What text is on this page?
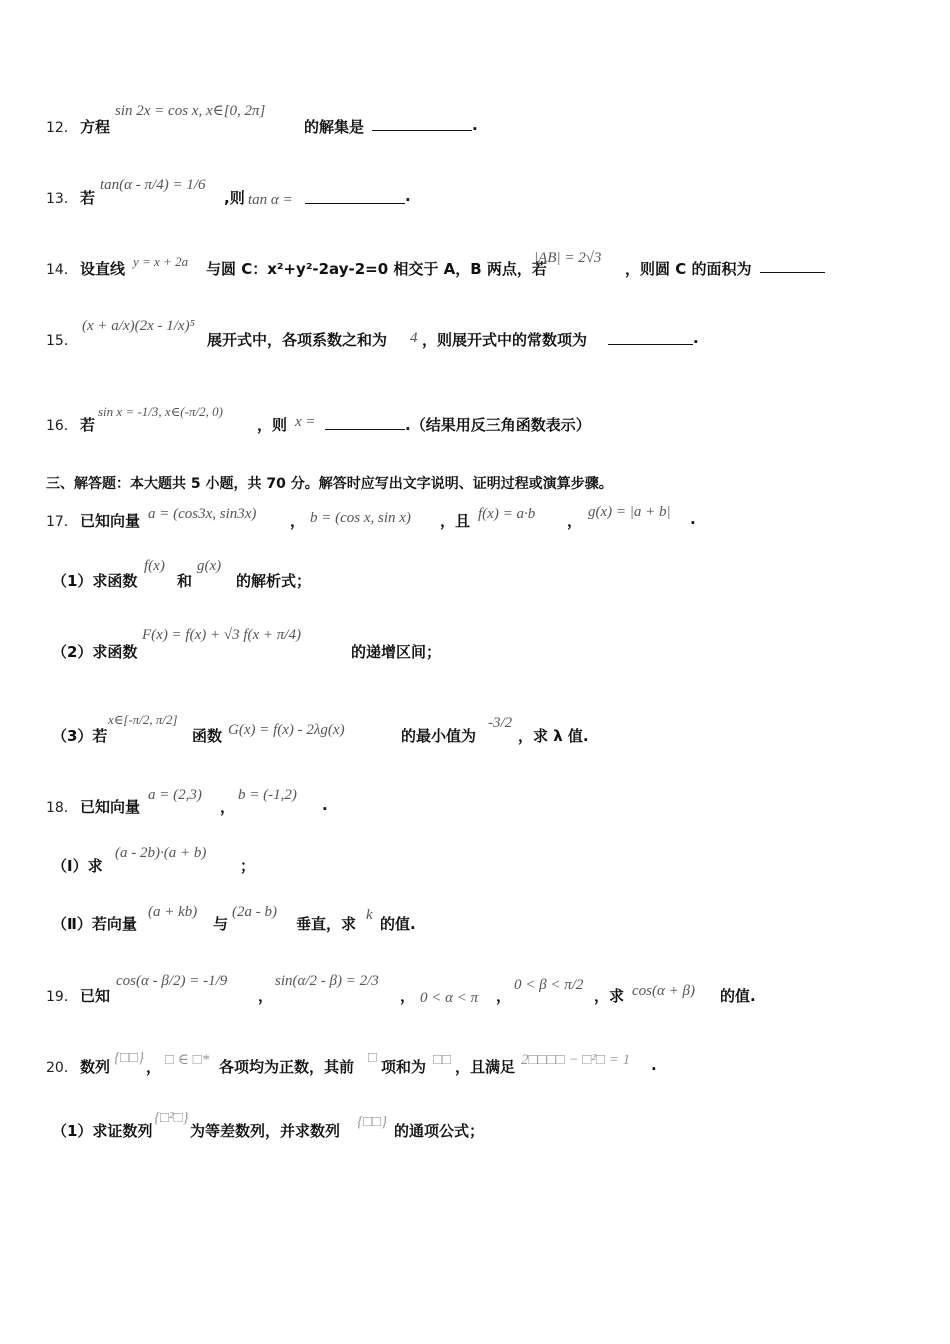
12． 方程
sin 2x = cos x, x∈[0, 2π]
的解集是	.
13． 若
tan(α - π/4) = 1/6
,则 tan α =	.
14． 设直线 y = x + 2a 与圆 C：x²+y²-2ay-2=0 相交于 A，B 两点，若
|AB| = 2√3
，则圆 C 的面积为
15．
(x + a/x)(2x - 1/x)⁵
展开式中，各项系数之和为 4 ，则展开式中的常数项为	.
16． 若
sin x = -1/3, x∈(-π/2, 0)
，则 x =	.（结果用反三角函数表示）
三、解答题：本大题共 5 小题，共 70 分。解答时应写出文字说明、证明过程或演算步骤。
17． 已知向量 a = (cos3x, sin3x) ， b = (cos x, sin x) ，且 f(x) = a·b ， g(x) = |a + b| .
（1）求函数
f(x)
和
g(x)
的解析式；
（2）求函数
F(x) = f(x) + √3 f(x + π/4)
的递增区间；
（3）若
x∈[-π/2, π/2]
函数 G(x) = f(x) - 2λg(x)	的最小值为
-3/2
，求 λ 值.
18． 已知向量
a = (2,3)
，
b = (-1,2)
.
（Ⅰ）求
(a - 2b)·(a + b)
；
（Ⅱ）若向量
(a + kb)
与
(2a - b)
垂直，求 k 的值.
19． 已知
cos(α - β/2) = -1/9
，
sin(α/2 - β) = 2/3
， 0 < α < π ，
0 < β < π/2
，求 cos(α + β) 的值.
20． 数列 {□□} ， □ ∈ □* 各项均为正数，其前 □ 项和为 □□ ，且满足 2□□□□ − □²□ = 1 .
（1）求证数列
{□²□}
为等差数列，并求数列 {□□} 的通项公式；
